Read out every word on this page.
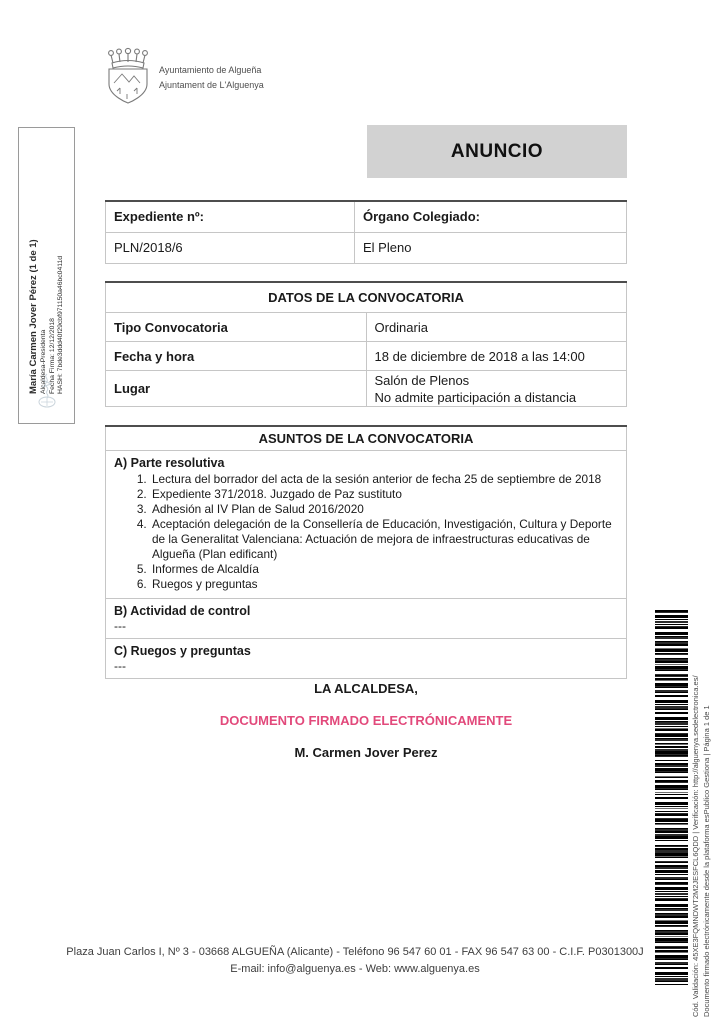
Ayuntamiento de Algueña
Ajuntament de L'Alguenya
María Carmen Jover Pérez (1 de 1) Alcaldesa-Presidenta Fecha Firma: 12/12/2018 HASH: 7bde3ddd40f29cbf971150a46bc0411d
ANUNCIO
Expediente nº:	Órgano Colegiado:
PLN/2018/6	El Pleno
DATOS DE LA CONVOCATORIA	
Tipo Convocatoria	Ordinaria
Fecha y hora	18 de diciembre de 2018 a las 14:00
Lugar	Salón de Plenos
No admite participación a distancia
ASUNTOS DE LA CONVOCATORIA

A) Parte resolutiva
1. Lectura del borrador del acta de la sesión anterior de fecha 25 de septiembre de 2018
2. Expediente 371/2018. Juzgado de Paz sustituto
3. Adhesión al IV Plan de Salud 2016/2020
4. Aceptación delegación de la Consellería de Educación, Investigación, Cultura y Deporte de la Generalitat Valenciana: Actuación de mejora de infraestructuras educativas de Algueña (Plan edificant)
5. Informes de Alcaldía
6. Ruegos y preguntas

B) Actividad de control
---

C) Ruegos y preguntas
---
LA ALCALDESA,
DOCUMENTO FIRMADO ELECTRÓNICAMENTE
M. Carmen Jover Perez	Cód. Validación: 45XE3FQMNDWT2M2JESFCL6QDD | Verificación: http://alguenya.sedelectronica.es/ Documento firmado electrónicamente desde la plataforma esPublico Gestiona | Página 1 de 1
Plaza Juan Carlos I, Nº 3 - 03668 ALGUEÑA (Alicante) - Teléfono 96 547 60 01 - FAX 96 547 63 00 - C.I.F. P0301300J
E-mail: info@alguenya.es - Web: www.alguenya.es
